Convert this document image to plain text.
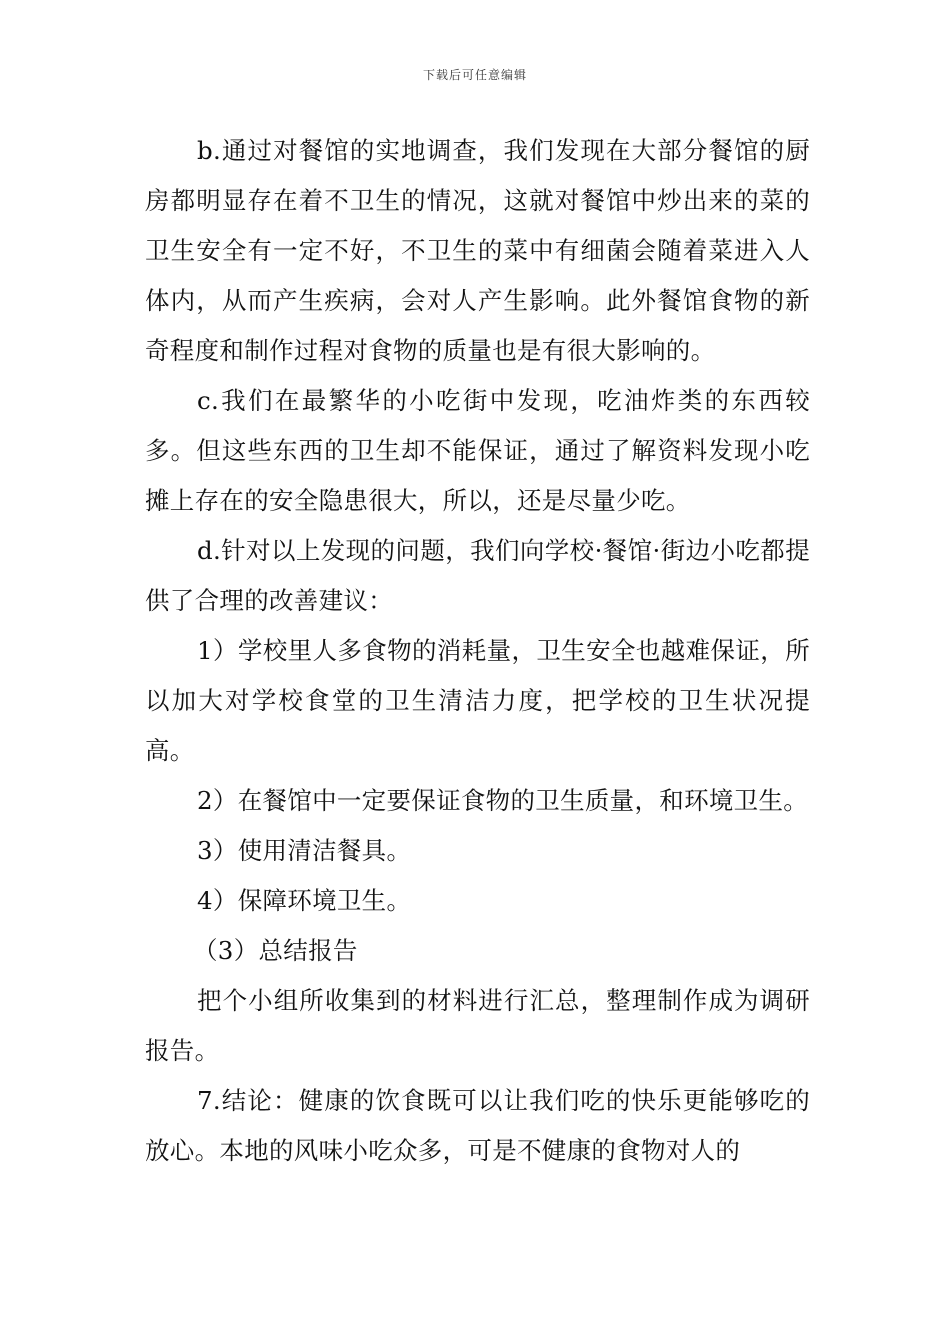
下载后可任意编辑

b.通过对餐馆的实地调查，我们发现在大部分餐馆的厨房都明显存在着不卫生的情况，这就对餐馆中炒出来的菜的卫生安全有一定不好，不卫生的菜中有细菌会随着菜进入人体内，从而产生疾病，会对人产生影响。此外餐馆食物的新奇程度和制作过程对食物的质量也是有很大影响的。

c.我们在最繁华的小吃街中发现，吃油炸类的东西较多。但这些东西的卫生却不能保证，通过了解资料发现小吃摊上存在的安全隐患很大，所以，还是尽量少吃。

d.针对以上发现的问题，我们向学校·餐馆·街边小吃都提供了合理的改善建议：

1）学校里人多食物的消耗量，卫生安全也越难保证，所以加大对学校食堂的卫生清洁力度，把学校的卫生状况提高。

2）在餐馆中一定要保证食物的卫生质量，和环境卫生。

3）使用清洁餐具。

4）保障环境卫生。

（3）总结报告

把个小组所收集到的材料进行汇总，整理制作成为调研报告。

7.结论：健康的饮食既可以让我们吃的快乐更能够吃的放心。本地的风味小吃众多，可是不健康的食物对人的
